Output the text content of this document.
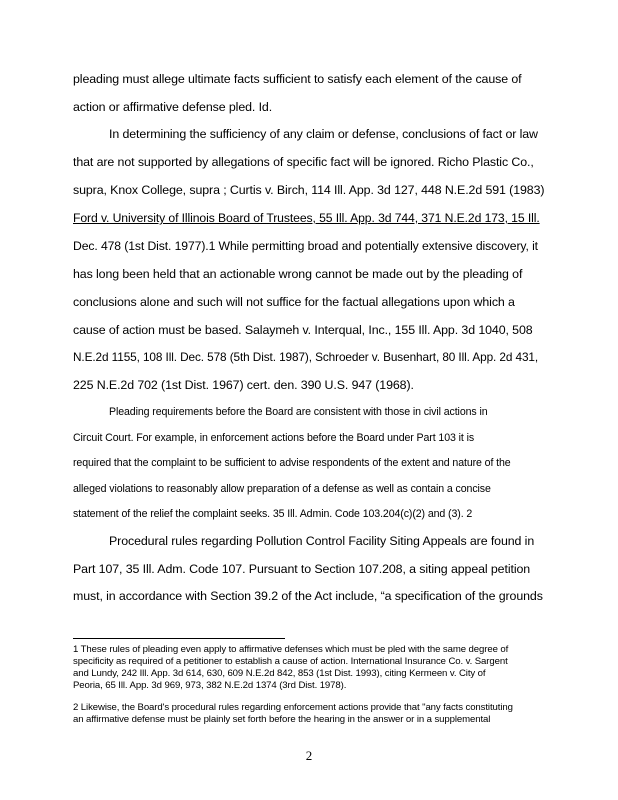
pleading must allege ultimate facts sufficient to satisfy each element of the cause of
action or affirmative defense pled. Id.
In determining the sufficiency of any claim or defense, conclusions of fact or law
that are not supported by allegations of specific fact will be ignored. Richo Plastic Co.,
supra, Knox College, supra ; Curtis v. Birch, 114 Ill. App. 3d 127, 448 N.E.2d 591 (1983)
Ford v. University of Illinois Board of Trustees, 55 Ill. App. 3d 744, 371 N.E.2d 173, 15 Ill.
Dec. 478 (1st Dist. 1977).1 While permitting broad and potentially extensive discovery, it
has long been held that an actionable wrong cannot be made out by the pleading of
conclusions alone and such will not suffice for the factual allegations upon which a
cause of action must be based. Salaymeh v. Interqual, Inc., 155 Ill. App. 3d 1040, 508
N.E.2d 1155, 108 Ill. Dec. 578 (5th Dist. 1987), Schroeder v. Busenhart, 80 Ill. App. 2d 431,
225 N.E.2d 702 (1st Dist. 1967) cert. den. 390 U.S. 947 (1968).
Pleading requirements before the Board are consistent with those in civil actions in
Circuit Court. For example, in enforcement actions before the Board under Part 103 it is
required that the complaint to be sufficient to advise respondents of the extent and nature of the
alleged violations to reasonably allow preparation of a defense as well as contain a concise
statement of the relief the complaint seeks. 35 Ill. Admin. Code 103.204(c)(2) and (3). 2
Procedural rules regarding Pollution Control Facility Siting Appeals are found in
Part 107, 35 Ill. Adm. Code 107. Pursuant to Section 107.208, a siting appeal petition
must, in accordance with Section 39.2 of the Act include, “a specification of the grounds
1 These rules of pleading even apply to affirmative defenses which must be pled with the same degree of
specificity as required of a petitioner to establish a cause of action. International Insurance Co. v. Sargent
and Lundy, 242 Ill. App. 3d 614, 630, 609 N.E.2d 842, 853 (1st Dist. 1993), citing Kermeen v. City of
Peoria, 65 Ill. App. 3d 969, 973, 382 N.E.2d 1374 (3rd Dist. 1978).
2 Likewise, the Board's procedural rules regarding enforcement actions provide that "any facts constituting
an affirmative defense must be plainly set forth before the hearing in the answer or in a supplemental
2
